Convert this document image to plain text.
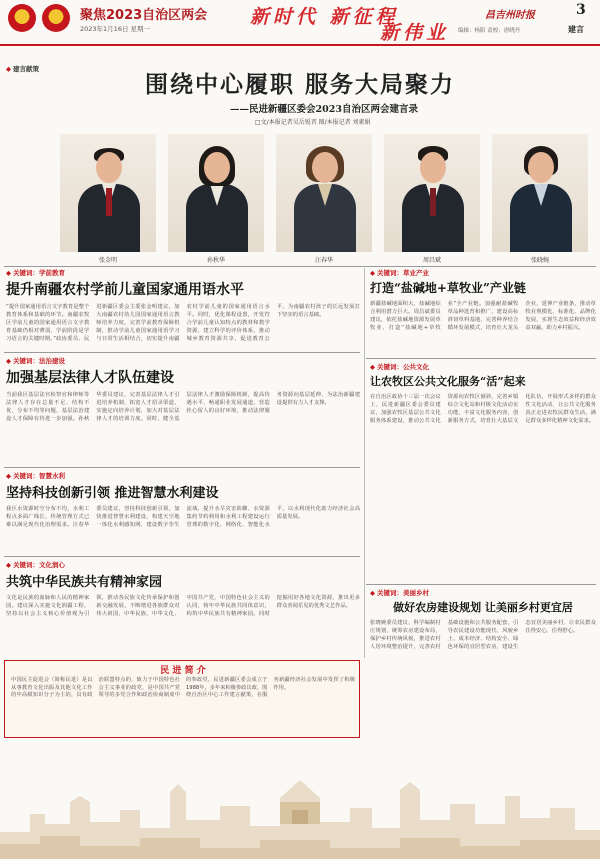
聚焦2023自治区两会
2023年1月16日 星期一
新时代 新征程
新伟业
昌吉州时报
编辑：杨阳 责校：唐晓丹
3
建言
◆ 建言献策
围绕中心履职 服务大局聚力
——民进新疆区委会2023自治区两会建言录
□文/本报记者吴岳锐晋 图/本报记者 刘素娟
张金明	孙秋华	汪春华	周昌斌	张晓婉
◆ 关键词：学前教育
提升南疆农村学前儿童国家通用语水平
“提升国家通用语言文字教育是整个教育体系和基础的环节。南疆农牧区学前儿童的国家通用语言文字教育基础仍相对薄弱，学前阶段是学习语言的关键时期。”政协委员、民进新疆区委会主委张金明建议，加大南疆农村幼儿园国家通用语言教师培养力度，完善学前教育保障机制，推动学前儿童国家通用语学习与日常生活相结合，切实提升南疆农村学前儿童的国家通用语言水平。同时，优化课程设置，开发符合学前儿童认知特点的教材和教学资源，建立科学的评价体系，推动城乡教育资源共享，促进教育公平，为南疆农村孩子的长远发展打下坚实的语言基础。
◆ 关键词：法治建设
加强基层法律人才队伍建设
当前我区基层法官检察官和律师等法律人才存在总量不足、结构不优、分布不均等问题，基层法治建设人才保障有待进一步加强。孙秋华委员建议，完善基层法律人才引进培养机制，拓宽人才招录渠道，实施定向培养计划，加大对基层法律人才的培训力度。同时，健全基层法律人才激励保障机制，提高待遇水平，畅通职业发展通道，营造拴心留人的良好环境，推动法律服务资源向基层延伸，为法治新疆建设提供有力人才支撑。
◆ 关键词：智慧水利
坚持科技创新引领 推进智慧水利建设
我区水资源时空分布不均，水利工程点多面广线长，传统管理方式已难以满足现代化治理需求。汪春华委员建议，坚持科技创新引领，加快推进智慧水利建设，构建天空地一体化水利感知网，建设数字孪生流域，提升水旱灾害防御、水资源集约节约利用和水利工程建设运行管理的数字化、网络化、智能化水平，以水利现代化助力经济社会高质量发展。
◆ 关键词：文化润心
共筑中华民族共有精神家园
文化是民族的血脉和人民的精神家园。建议深入实施文化润疆工程，坚持以社会主义核心价值观为引领，推动各民族文化传承保护和创新交融发展，不断增进各族群众对伟大祖国、中华民族、中华文化、中国共产党、中国特色社会主义的认同，铸牢中华民族共同体意识，构筑中华民族共有精神家园。同时挖掘用好各地文化资源，推出更多群众喜闻乐见的优秀文艺作品。
◆ 关键词：草业产业
打造“盐碱地+草牧业”产业链
新疆盐碱地面积大，盐碱地综合利用潜力巨大。周昌斌委员建议，依托盐碱地资源发展草牧业，打造“盐碱地+草牧业”全产业链。加强耐盐碱牧草品种选育和推广，建设高标准饲草料基地，完善种养结合循环发展模式，培育壮大龙头企业，延伸产业链条，推动草牧业规模化、标准化、品牌化发展，实现生态效益和经济效益双赢，助力乡村振兴。
◆ 关键词：公共文化
让农牧区公共文化服务“活”起来
在自治区政协十三届一次会议上，民进新疆区委会委员建议，加强农牧区基层公共文化服务体系建设，推动公共文化资源向农牧区倾斜，完善乡镇综合文化站和村级文化活动室功能，丰富文化服务内容，创新服务方式，培育壮大基层文化队伍，开展形式多样的群众性文化活动，让公共文化服务真正走进农牧民群众生活，满足群众多样化精神文化需求。
◆ 关键词：美丽乡村
做好农房建设规划 让美丽乡村更宜居
张晓婉委员建议，科学编制村庄规划，统筹农房建设布局，保护乡村传统风貌，推进农村人居环境整治提升，完善农村基础设施和公共服务配套，引导农民建设功能现代、风貌乡土、成本经济、结构安全、绿色环保的宜居型农房，建设生态宜居美丽乡村，让农民群众住得安心、住得舒心。
民 进 简 介
中国民主促进会（简称民进）是以从事教育文化出版及其他文化工作的中高级知识分子为主的，具有政治联盟特点的、致力于中国特色社会主义事业的政党，是中国共产党领导的多党合作和政治协商制度中的参政党。民进新疆区委会成立于1988年，多年来积极参政议政，围绕自治区中心工作建言献策，在服务新疆经济社会发展中发挥了积极作用。
